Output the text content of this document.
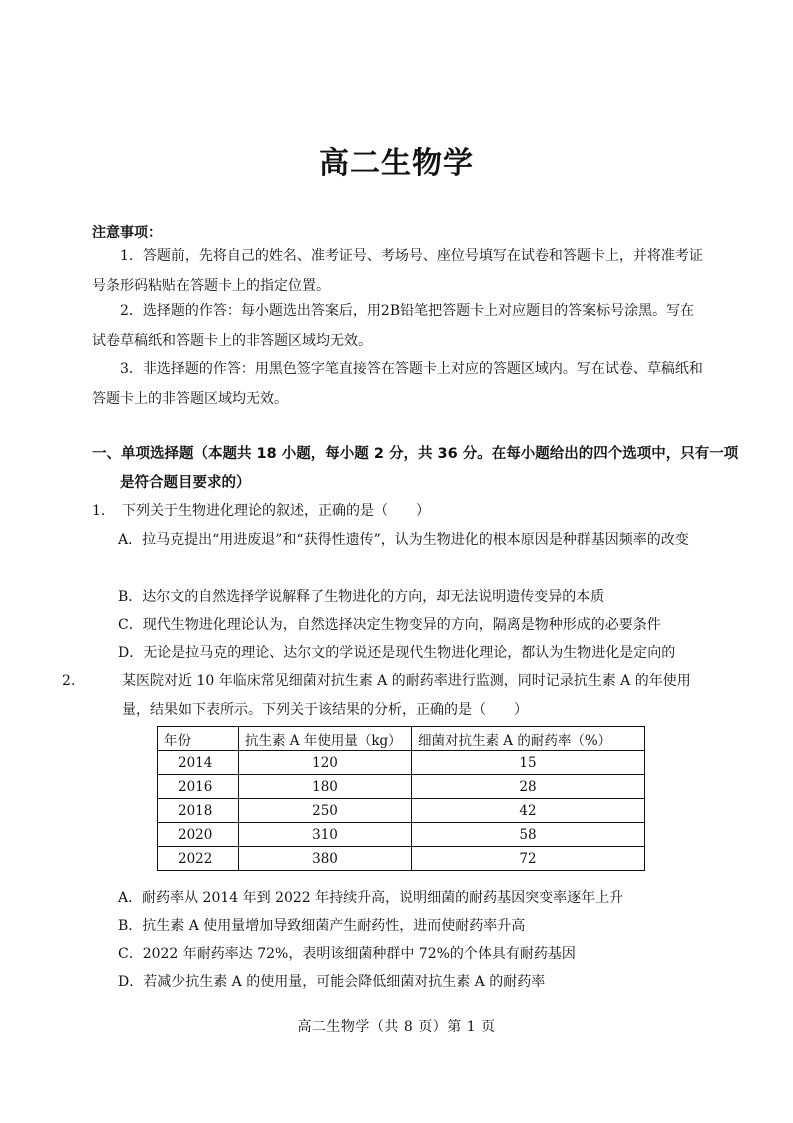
高二生物学
注意事项：
1．答题前，先将自己的姓名、准考证号、考场号、座位号填写在试卷和答题卡上，并将准考证号条形码粘贴在答题卡上的指定位置。
2．选择题的作答：每小题选出答案后，用2B铅笔把答题卡上对应题目的答案标号涂黑。写在试卷草稿纸和答题卡上的非答题区域均无效。
3．非选择题的作答：用黑色签字笔直接答在答题卡上对应的答题区域内。写在试卷、草稿纸和答题卡上的非答题区域均无效。
一、单项选择题（本题共 18 小题，每小题 2 分，共 36 分。在每小题给出的四个选项中，只有一项是符合题目要求的）
1. 下列关于生物进化理论的叙述，正确的是（　　）
A．拉马克提出“用进废退”和“获得性遗传”，认为生物进化的根本原因是种群基因频率的改变
B．达尔文的自然选择学说解释了生物进化的方向，却无法说明遗传变异的本质
C．现代生物进化理论认为，自然选择决定生物变异的方向，隔离是物种形成的必要条件
D．无论是拉马克的理论、达尔文的学说还是现代生物进化理论，都认为生物进化是定向的
2.	某医院对近 10 年临床常见细菌对抗生素 A 的耐药率进行监测，同时记录抗生素 A 的年使用量，结果如下表所示。下列关于该结果的分析，正确的是（　　）
年份	抗生素 A 年使用量（kg）	细菌对抗生素 A 的耐药率（%）
2014	120	15
2016	180	28
2018	250	42
2020	310	58
2022	380	72
A．耐药率从 2014 年到 2022 年持续升高，说明细菌的耐药基因突变率逐年上升
B．抗生素 A 使用量增加导致细菌产生耐药性，进而使耐药率升高
C．2022 年耐药率达 72%，表明该细菌种群中 72%的个体具有耐药基因
D．若减少抗生素 A 的使用量，可能会降低细菌对抗生素 A 的耐药率
高二生物学（共 8 页）第 1 页
